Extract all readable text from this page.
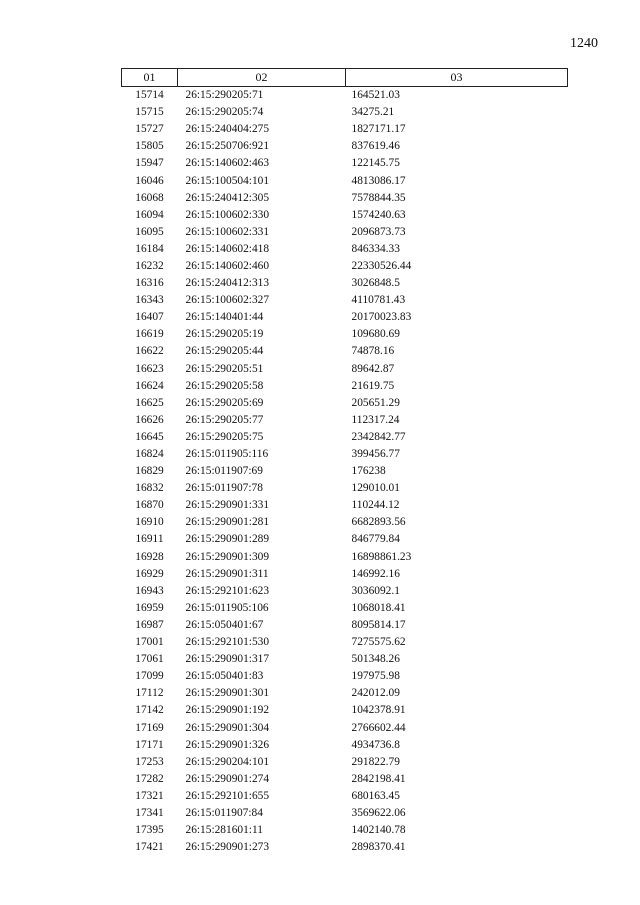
1240
01	02	03
15714	26:15:290205:71	164521.03
15715	26:15:290205:74	34275.21
15727	26:15:240404:275	1827171.17
15805	26:15:250706:921	837619.46
15947	26:15:140602:463	122145.75
16046	26:15:100504:101	4813086.17
16068	26:15:240412:305	7578844.35
16094	26:15:100602:330	1574240.63
16095	26:15:100602:331	2096873.73
16184	26:15:140602:418	846334.33
16232	26:15:140602:460	22330526.44
16316	26:15:240412:313	3026848.5
16343	26:15:100602:327	4110781.43
16407	26:15:140401:44	20170023.83
16619	26:15:290205:19	109680.69
16622	26:15:290205:44	74878.16
16623	26:15:290205:51	89642.87
16624	26:15:290205:58	21619.75
16625	26:15:290205:69	205651.29
16626	26:15:290205:77	112317.24
16645	26:15:290205:75	2342842.77
16824	26:15:011905:116	399456.77
16829	26:15:011907:69	176238
16832	26:15:011907:78	129010.01
16870	26:15:290901:331	110244.12
16910	26:15:290901:281	6682893.56
16911	26:15:290901:289	846779.84
16928	26:15:290901:309	16898861.23
16929	26:15:290901:311	146992.16
16943	26:15:292101:623	3036092.1
16959	26:15:011905:106	1068018.41
16987	26:15:050401:67	8095814.17
17001	26:15:292101:530	7275575.62
17061	26:15:290901:317	501348.26
17099	26:15:050401:83	197975.98
17112	26:15:290901:301	242012.09
17142	26:15:290901:192	1042378.91
17169	26:15:290901:304	2766602.44
17171	26:15:290901:326	4934736.8
17253	26:15:290204:101	291822.79
17282	26:15:290901:274	2842198.41
17321	26:15:292101:655	680163.45
17341	26:15:011907:84	3569622.06
17395	26:15:281601:11	1402140.78
17421	26:15:290901:273	2898370.41
